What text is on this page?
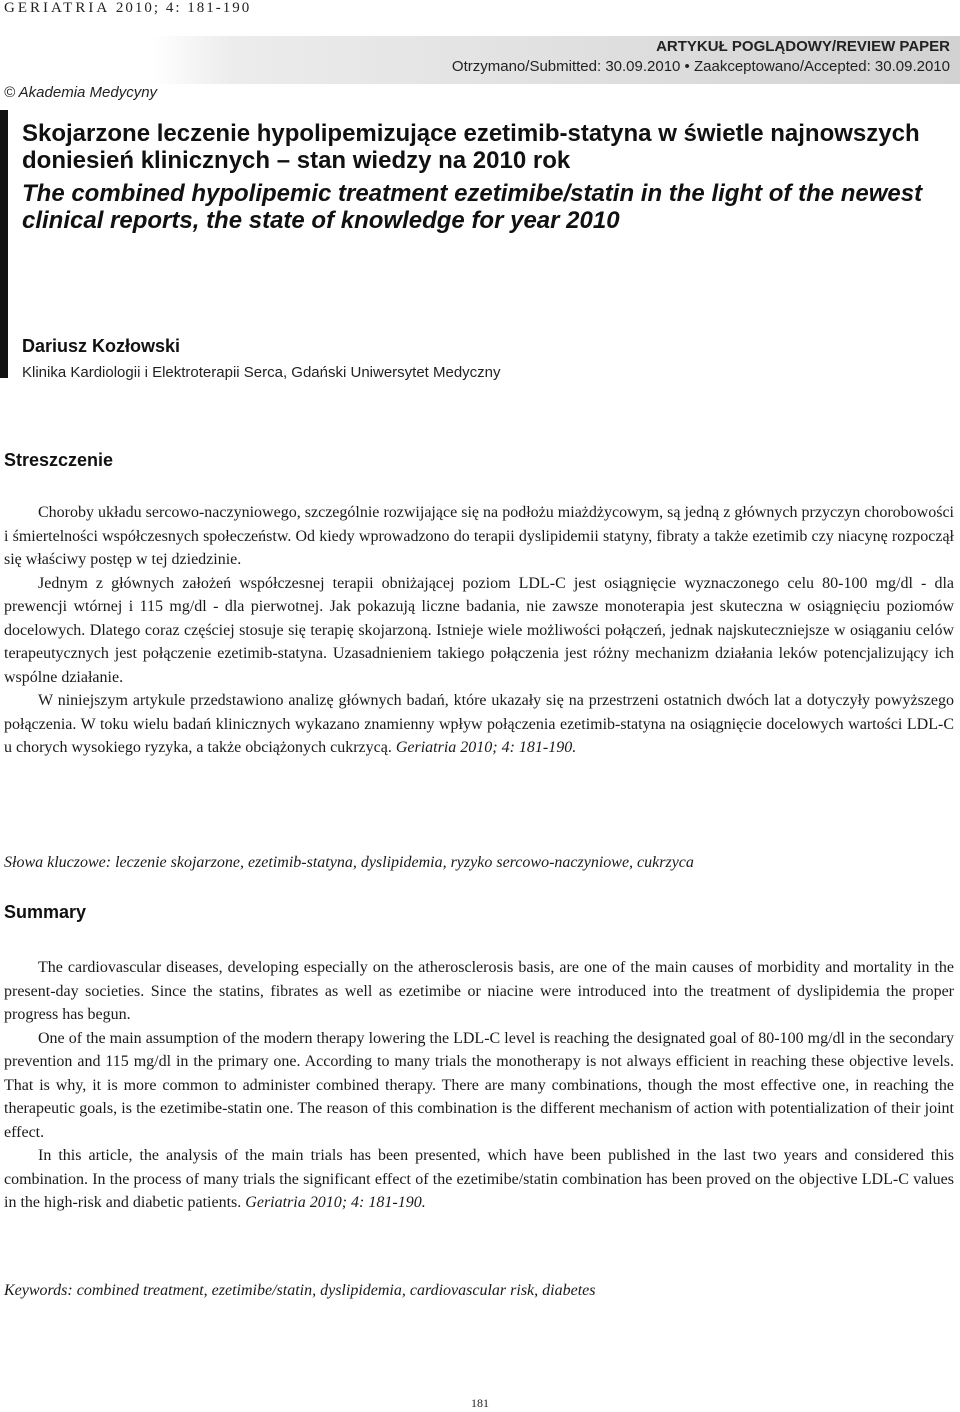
GERIATRIA 2010; 4: 181-190
ARTYKUŁ POGLĄDOWY/REVIEW PAPER
Otrzymano/Submitted: 30.09.2010 • Zaakceptowano/Accepted: 30.09.2010
© Akademia Medycyny
Skojarzone leczenie hypolipemizujące ezetimib-statyna w świetle najnowszych doniesień klinicznych – stan wiedzy na 2010 rok
The combined hypolipemic treatment ezetimibe/statin in the light of the newest clinical reports, the state of knowledge for year 2010
Dariusz Kozłowski
Klinika Kardiologii i Elektroterapii Serca, Gdański Uniwersytet Medyczny
Streszczenie

Choroby układu sercowo-naczyniowego, szczególnie rozwijające się na podłożu miażdżycowym, są jedną z głównych przyczyn chorobowości i śmiertelności współczesnych społeczeństw. Od kiedy wprowadzono do terapii dyslipidemii statyny, fibraty a także ezetimib czy niacynę rozpoczął się właściwy postęp w tej dziedzinie.

Jednym z głównych założeń współczesnej terapii obniżającej poziom LDL-C jest osiągnięcie wyznaczonego celu 80-100 mg/dl - dla prewencji wtórnej i 115 mg/dl - dla pierwotnej. Jak pokazują liczne badania, nie zawsze monoterapia jest skuteczna w osiągnięciu poziomów docelowych. Dlatego coraz częściej stosuje się terapię skojarzoną. Istnieje wiele możliwości połączeń, jednak najskuteczniejsze w osiąganiu celów terapeutycznych jest połączenie ezetimib-statyna. Uzasadnieniem takiego połączenia jest różny mechanizm działania leków potencjalizujący ich wspólne działanie.

W niniejszym artykule przedstawiono analizę głównych badań, które ukazały się na przestrzeni ostatnich dwóch lat a dotyczyły powyższego połączenia. W toku wielu badań klinicznych wykazano znamienny wpływ połączenia ezetimib-statyna na osiągnięcie docelowych wartości LDL-C u chorych wysokiego ryzyka, a także obciążonych cukrzycą. Geriatria 2010; 4: 181-190.

Słowa kluczowe: leczenie skojarzone, ezetimib-statyna, dyslipidemia, ryzyko sercowo-naczyniowe, cukrzyca
Summary

The cardiovascular diseases, developing especially on the atherosclerosis basis, are one of the main causes of morbidity and mortality in the present-day societies. Since the statins, fibrates as well as ezetimibe or niacine were introduced into the treatment of dyslipidemia the proper progress has begun.

One of the main assumption of the modern therapy lowering the LDL-C level is reaching the designated goal of 80-100 mg/dl in the secondary prevention and 115 mg/dl in the primary one. According to many trials the monotherapy is not always efficient in reaching these objective levels. That is why, it is more common to administer combined therapy. There are many combinations, though the most effective one, in reaching the therapeutic goals, is the ezetimibe-statin one. The reason of this combination is the different mechanism of action with potentialization of their joint effect.

In this article, the analysis of the main trials has been presented, which have been published in the last two years and considered this combination. In the process of many trials the significant effect of the ezetimibe/statin combination has been proved on the objective LDL-C values in the high-risk and diabetic patients. Geriatria 2010; 4: 181-190.

Keywords: combined treatment, ezetimibe/statin, dyslipidemia, cardiovascular risk, diabetes
181
